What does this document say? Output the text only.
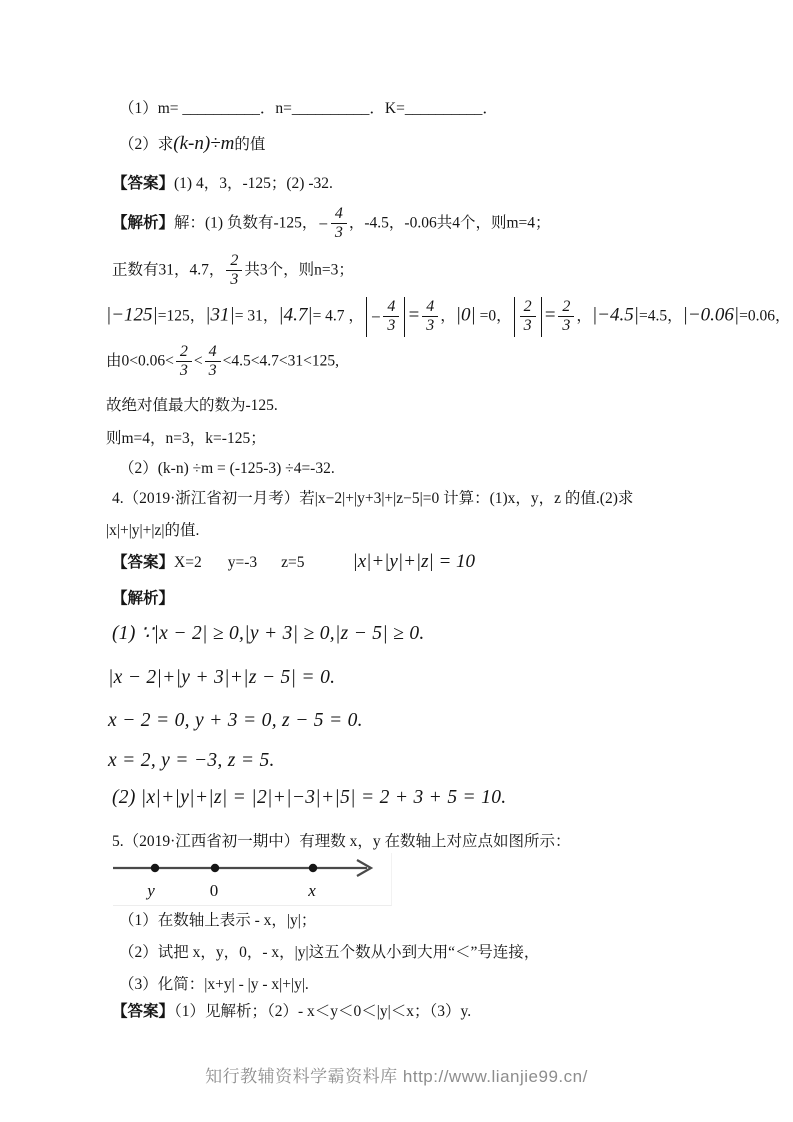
（1）m= __________．n=__________．K=__________．
（2）求(k-n)÷m的值
【答案】(1) 4，3，-125；(2) -32.
【解析】解：(1) 负数有-125，− $\frac{4}{3}$ ，-4.5，-0.06共4个，则m=4；
正数有31，4.7， $\frac{2}{3}$ 共3个，则n=3；
|−125|=125，|31|= 31，|4.7|= 4.7 ， − $\frac{4}{3} = \frac{4}{3}$ ，|0| =0， $\frac{2}{3} = \frac{2}{3}$ ，|−4.5|=4.5，|−0.06|=0.06，
由$0<0.06< \frac{2}{3} < \frac{4}{3} <4.5<4.7<31<125$,
故绝对值最大的数为-125.
则m=4，n=3，k=-125；
（2）(k-n) ÷m = (-125-3) ÷4=-32.
4.（2019·浙江省初一月考）若|x−2|+|y+3|+|z−5|=0 计算：(1)x，y，z 的值.(2)求
|x|+|y|+|z|的值.
【答案】X=2 y=-3 z=5	|x|+|y|+|z| = 10
【解析】
(1) ∵|x − 2| ≥ 0,|y + 3| ≥ 0,|z − 5| ≥ 0.
|x − 2|+|y + 3|+|z − 5| = 0.
x − 2 = 0, y + 3 = 0, z − 5 = 0.
x = 2, y = −3, z = 5.
(2) |x|+|y|+|z| = |2|+|−3|+|5| = 2 + 3 + 5 = 10.
5.（2019·江西省初一期中）有理数 x，y 在数轴上对应点如图所示：
y	0	x
（1）在数轴上表示 - x，|y|；
（2）试把 x，y，0，- x，|y|这五个数从小到大用“＜”号连接，
（3）化简：|x+y| - |y - x|+|y|.
【答案】（1）见解析；（2）- x＜y＜0＜|y|＜x；（3）y.
知行教辅资料学霸资料库 http://www.lianjie99.cn/
